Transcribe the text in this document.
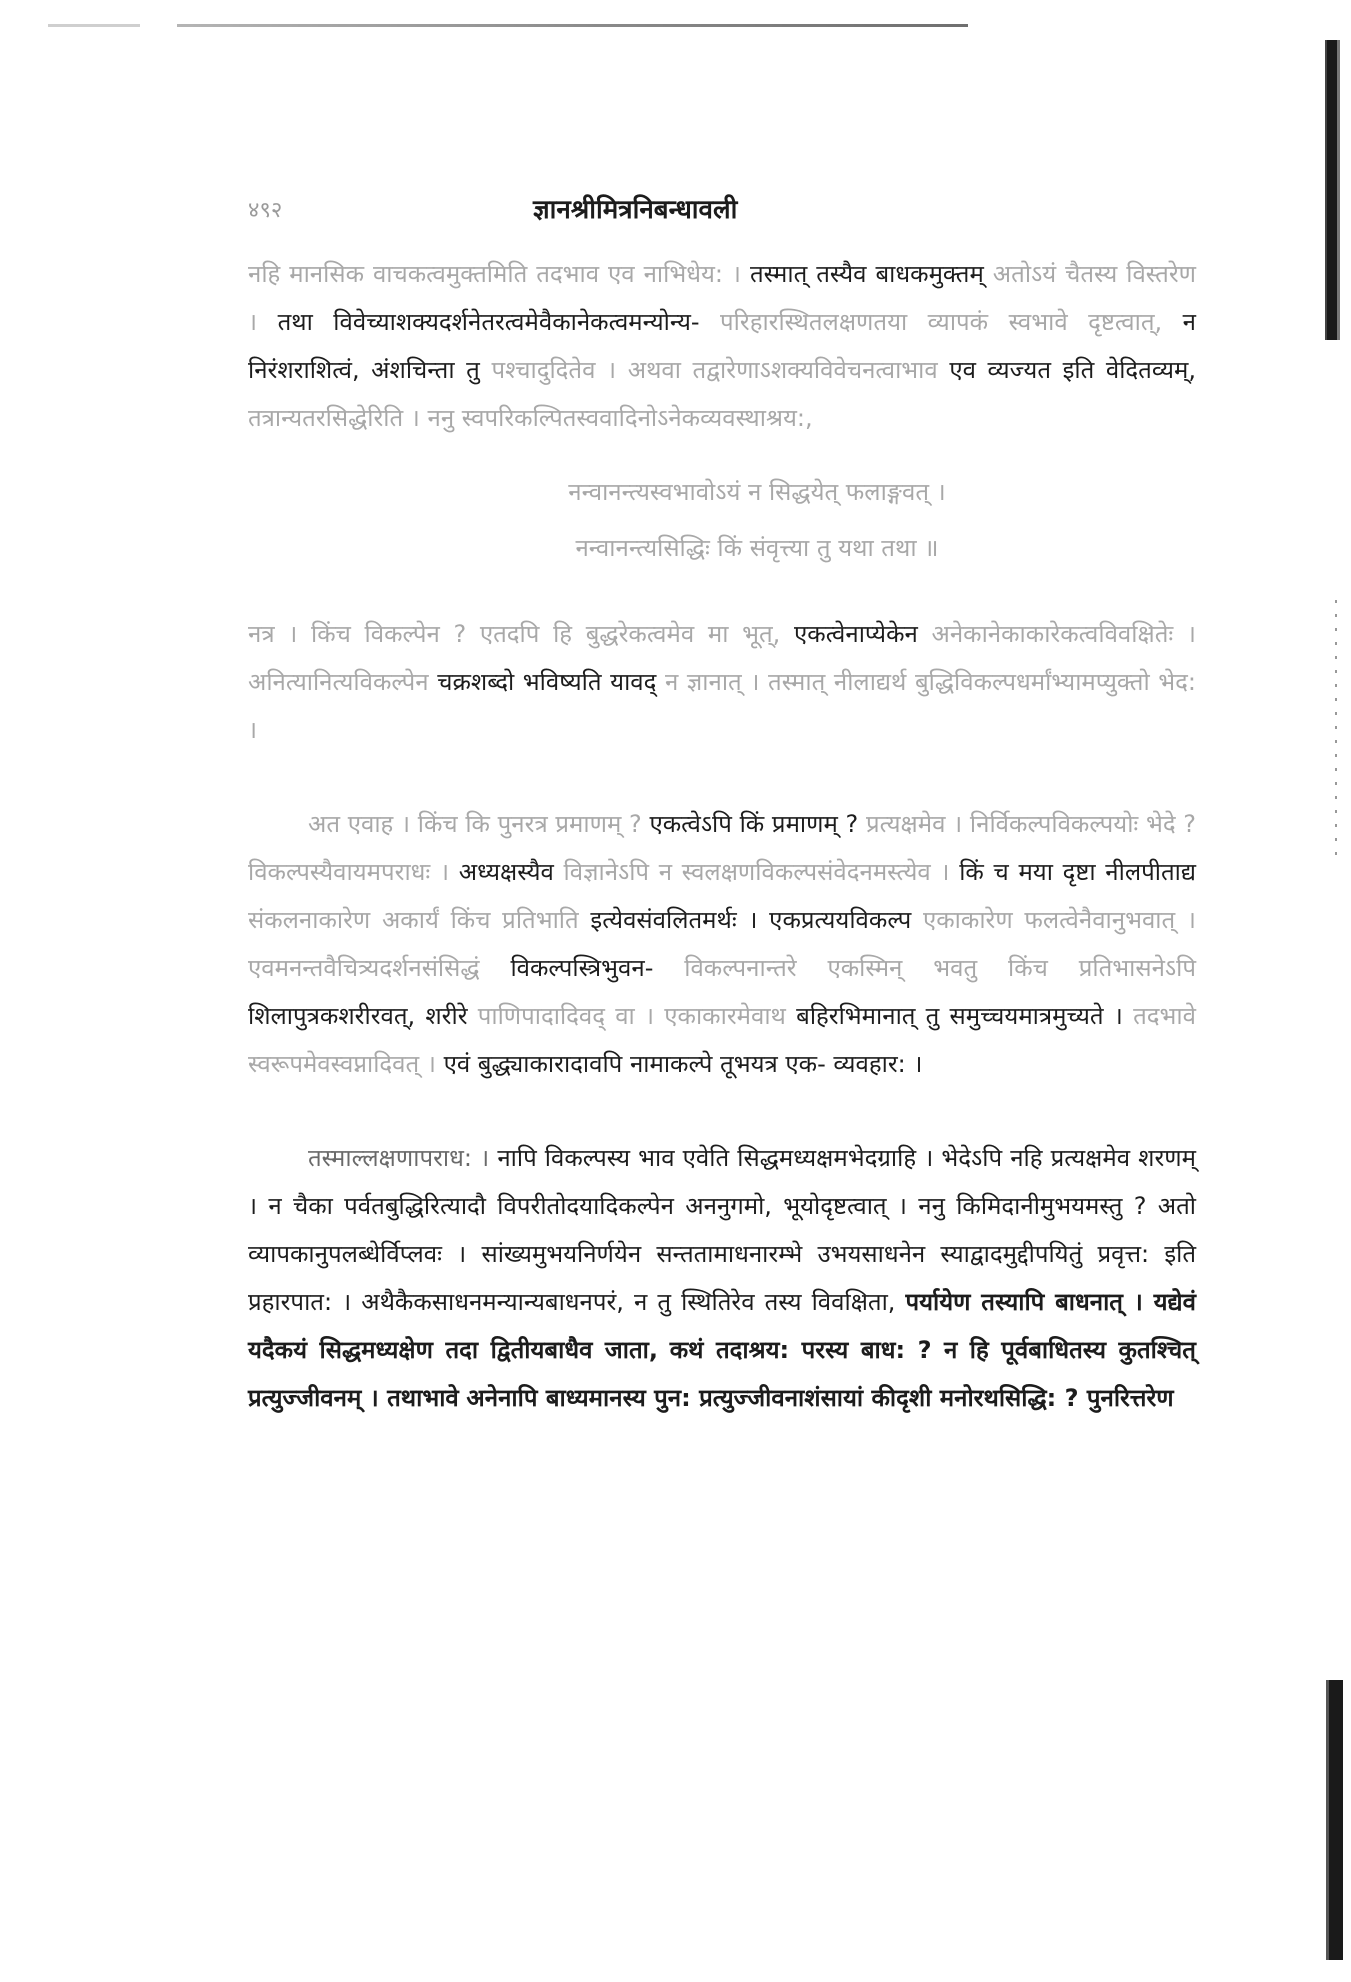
४९२	ज्ञानश्रीमित्रनिबन्धावली

नहि मानसिक वाचकत्वमुक्तमिति तदभाव एव नाभिधेय: । तस्मात् तस्यैव बाधकमुक्तम् अतोऽयं चैतस्य विस्तरेण । तथा विवेच्याशक्यदर्शनेतरत्वमेवैकानेकत्वमन्योन्य- परिहारस्थितलक्षणतया व्यापकं स्वभावे दृष्टत्वात्, न निरंशराशित्वं, अंशचिन्ता तु पश्चादुदितेव । अथवा तद्वारेणाऽशक्यविवेचनत्वाभाव एव व्यज्यत इति वेदितव्यम्, तत्रान्यतरसिद्धेरिति । ननु स्वपरिकल्पितस्ववादिनोऽनेकव्यवस्थाश्रय:,

नन्वानन्त्यस्वभावोऽयं न सिद्धयेत् फलाङ्गवत् ।
नन्वानन्त्यसिद्धिः किं संवृत्त्या तु यथा तथा ॥

नत्र । किंच विकल्पेन ? एतदपि हि बुद्धरेकत्वमेव मा भूत्, एकत्वेनाप्येकेन अनेकानेकाकारेकत्वविवक्षितेः । अनित्यानित्यविकल्पेन चक्रशब्दो भविष्यति यावद् न ज्ञानात् । तस्मात् नीलाद्यर्थ बुद्धिविकल्पधर्मांभ्यामप्युक्तो भेद: ।

अत एवाह । किंच कि पुनरत्र प्रमाणम् ? एकत्वेऽपि किं प्रमाणम् ? प्रत्यक्षमेव । निर्विकल्पविकल्पयोः भेदे ? विकल्पस्यैवायमपराधः । अध्यक्षस्यैव विज्ञानेऽपि न स्वलक्षणविकल्पसंवेदनमस्त्येव । किं च मया दृष्टा नीलपीताद्य संकलनाकारेण अकार्यं किंच प्रतिभाति इत्येवसंवलितमर्थः । एकप्रत्ययविकल्प एकाकारेण फलत्वेनैवानुभवात् । एवमनन्तवैचित्र्यदर्शनसंसिद्धं विकल्पस्त्रिभुवन- विकल्पनान्तरे एकस्मिन् भवतु किंच प्रतिभासनेऽपि शिलापुत्रकशरीरवत्, शरीरे पाणिपादादिवद् वा । एकाकारमेवाथ बहिरभिमानात् तु समुच्चयमात्रमुच्यते । तदभावे स्वरूपमेवस्वप्नादिवत् । एवं बुद्ध्याकारादावपि नामाकल्पे तूभयत्र एक- व्यवहार: ।

तस्माल्लक्षणापराध: । नापि विकल्पस्य भाव एवेति सिद्धमध्यक्षमभेदग्राहि । भेदेऽपि नहि प्रत्यक्षमेव शरणम् । न चैका पर्वतबुद्धिरित्यादौ विपरीतोदयादिकल्पेन अननुगमो, भूयोदृष्टत्वात् । ननु किमिदानीमुभयमस्तु ? अतो व्यापकानुपलब्धेर्विप्लवः । सांख्यमुभयनिर्णयेन सन्ततामाधनारम्भे उभयसाधनेन स्याद्वादमुद्दीपयितुं प्रवृत्त: इति प्रहारपात: । अथैकैकसाधनमन्यान्यबाधनपरं, न तु स्थितिरेव तस्य विवक्षिता, पर्यायेण तस्यापि बाधनात् । यद्येवं यदैकयं सिद्धमध्यक्षेण तदा द्वितीयबाधैव जाता, कथं तदाश्रय: परस्य बाध: ? न हि पूर्वबाधितस्य कुतश्चित् प्रत्युज्जीवनम् । तथाभावे अनेनापि बाध्यमानस्य पुन: प्रत्युज्जीवनाशंसायां कीदृशी मनोरथसिद्धि: ? पुनरित्तरेण
